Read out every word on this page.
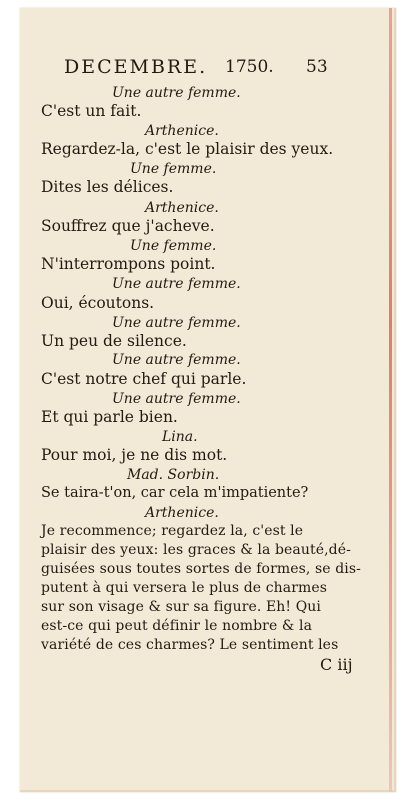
DECEMBRE. 1750. 53
Une autre femme.
C'est un fait.
Arthenice.
Regardez-la, c'est le plaisir des yeux.
Une femme.
Dites les délices.
Arthenice.
Souffrez que j'acheve.
Une femme.
N'interrompons point.
Une autre femme.
Oui, écoutons.
Une autre femme.
Un peu de silence.
Une autre femme.
C'est notre chef qui parle.
Une autre femme.
Et qui parle bien.
Lina.
Pour moi, je ne dis mot.
Mad. Sorbin.
Se taira-t'on, car cela m'impatiente?
Arthenice.
Je recommence; regardez la, c'est le
plaisir des yeux: les graces & la beauté,dé-
guisées sous toutes sortes de formes, se dis-
putent à qui versera le plus de charmes
sur son visage & sur sa figure. Eh! Qui
est-ce qui peut définir le nombre & la
variété de ces charmes? Le sentiment les
C iij
